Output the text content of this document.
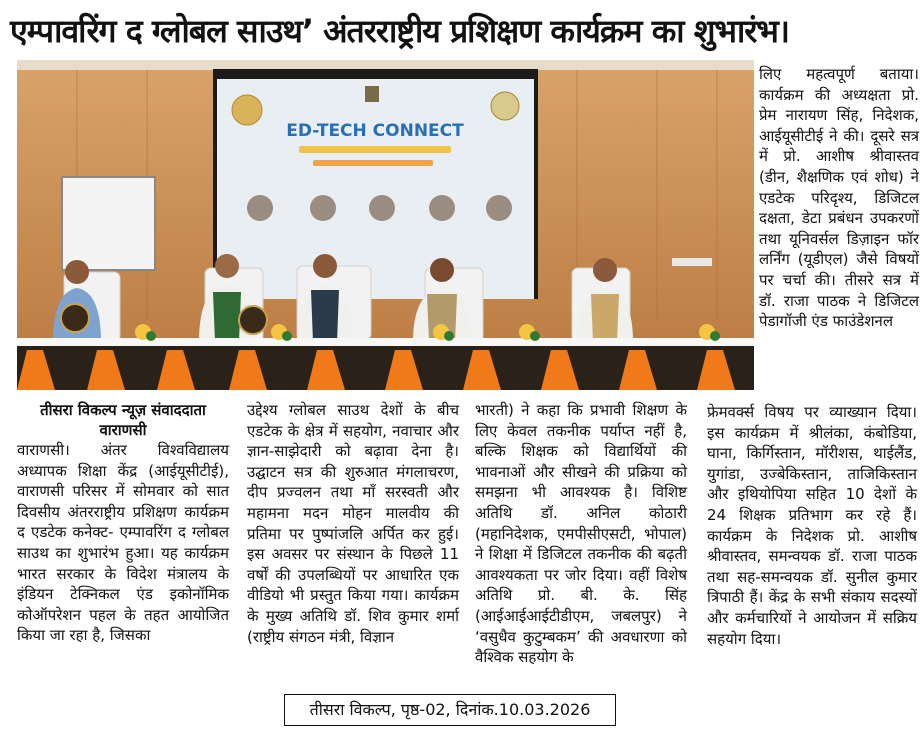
एम्पावरिंग द ग्लोबल साउथ’ अंतरराष्ट्रीय प्रशिक्षण कार्यक्रम का शुभारंभ।
ED-TECH CONNECT

लिए महत्वपूर्ण बताया। कार्यक्रम की अध्यक्षता प्रो. प्रेम नारायण सिंह, निदेशक, आईयूसीटीई ने की। दूसरे सत्र में प्रो. आशीष श्रीवास्तव (डीन, शैक्षणिक एवं शोध) ने एडटेक परिदृश्य, डिजिटल दक्षता, डेटा प्रबंधन उपकरणों तथा यूनिवर्सल डिज़ाइन फॉर लर्निंग (यूडीएल) जैसे विषयों पर चर्चा की। तीसरे सत्र में डॉ. राजा पाठक ने डिजिटल पेडागॉजी एंड फाउंडेशनल

तीसरा विकल्प न्यूज़ संवाददाता
वाराणसी

वाराणसी। अंतर विश्वविद्यालय अध्यापक शिक्षा केंद्र (आईयूसीटीई), वाराणसी परिसर में सोमवार को सात दिवसीय अंतरराष्ट्रीय प्रशिक्षण कार्यक्रम द एडटेक कनेक्ट- एम्पावरिंग द ग्लोबल साउथ का शुभारंभ हुआ। यह कार्यक्रम भारत सरकार के विदेश मंत्रालय के इंडियन टेक्निकल एंड इकोनॉमिक कोऑपरेशन पहल के तहत आयोजित किया जा रहा है, जिसका

उद्देश्य ग्लोबल साउथ देशों के बीच एडटेक के क्षेत्र में सहयोग, नवाचार और ज्ञान-साझेदारी को बढ़ावा देना है। उद्घाटन सत्र की शुरुआत मंगलाचरण, दीप प्रज्वलन तथा माँ सरस्वती और महामना मदन मोहन मालवीय की प्रतिमा पर पुष्पांजलि अर्पित कर हुई। इस अवसर पर संस्थान के पिछले 11 वर्षों की उपलब्धियों पर आधारित एक वीडियो भी प्रस्तुत किया गया। कार्यक्रम के मुख्य अतिथि डॉ. शिव कुमार शर्मा (राष्ट्रीय संगठन मंत्री, विज्ञान

भारती) ने कहा कि प्रभावी शिक्षण के लिए केवल तकनीक पर्याप्त नहीं है, बल्कि शिक्षक को विद्यार्थियों की भावनाओं और सीखने की प्रक्रिया को समझना भी आवश्यक है। विशिष्ट अतिथि डॉ. अनिल कोठारी (महानिदेशक, एमपीसीएसटी, भोपाल) ने शिक्षा में डिजिटल तकनीक की बढ़ती आवश्यकता पर जोर दिया। वहीं विशेष अतिथि प्रो. बी. के. सिंह (आईआईआईटीडीएम, जबलपुर) ने ‘वसुधैव कुटुम्बकम’ की अवधारणा को वैश्विक सहयोग के

फ्रेमवर्क्स विषय पर व्याख्यान दिया। इस कार्यक्रम में श्रीलंका, कंबोडिया, घाना, किर्गिस्तान, मॉरीशस, थाईलैंड, युगांडा, उज्बेकिस्तान, ताजिकिस्तान और इथियोपिया सहित 10 देशों के 24 शिक्षक प्रतिभाग कर रहे हैं। कार्यक्रम के निदेशक प्रो. आशीष श्रीवास्तव, समन्वयक डॉ. राजा पाठक तथा सह-समन्वयक डॉ. सुनील कुमार त्रिपाठी हैं। केंद्र के सभी संकाय सदस्यों और कर्मचारियों ने आयोजन में सक्रिय सहयोग दिया।

तीसरा विकल्प, पृष्ठ-02, दिनांक.10.03.2026
